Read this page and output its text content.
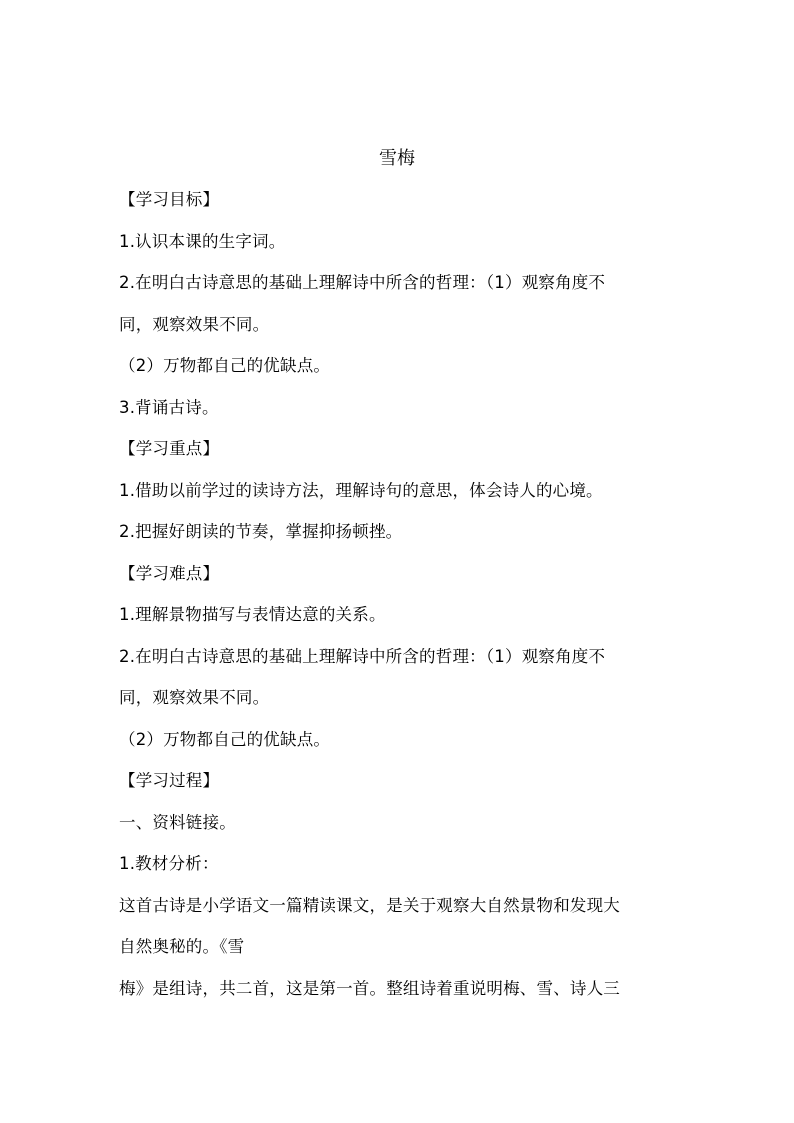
雪梅
【学习目标】
1.认识本课的生字词。
2.在明白古诗意思的基础上理解诗中所含的哲理：（1）观察角度不
同，观察效果不同。
（2）万物都自己的优缺点。
3.背诵古诗。
【学习重点】
1.借助以前学过的读诗方法，理解诗句的意思，体会诗人的心境。
2.把握好朗读的节奏，掌握抑扬顿挫。
【学习难点】
1.理解景物描写与表情达意的关系。
2.在明白古诗意思的基础上理解诗中所含的哲理：（1）观察角度不
同，观察效果不同。
（2）万物都自己的优缺点。
【学习过程】
一、资料链接。
1.教材分析：
这首古诗是小学语文一篇精读课文，是关于观察大自然景物和发现大
自然奥秘的。《雪
梅》是组诗，共二首，这是第一首。整组诗着重说明梅、雪、诗人三
